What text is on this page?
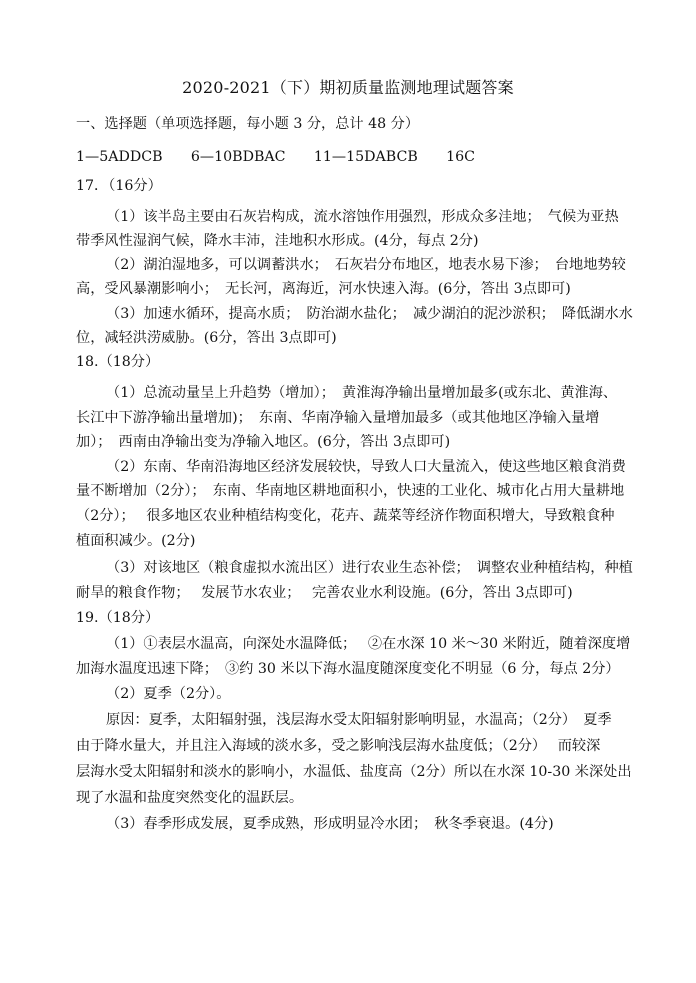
2020-2021（下）期初质量监测地理试题答案
一、选择题（单项选择题，每小题 3 分，总计 48 分）
1—5ADDCB　　6—10BDBAC　　11—15DABCB　　16C
17．（16分）
（1）该半岛主要由石灰岩构成，流水溶蚀作用强烈，形成众多洼地；　气候为亚热
带季风性湿润气候，降水丰沛，洼地积水形成。(4分，每点 2分)
（2）湖泊湿地多，可以调蓄洪水；　石灰岩分布地区，地表水易下渗；　台地地势较
高，受风暴潮影响小；　无长河，离海近，河水快速入海。(6分，答出 3点即可)
（3）加速水循环，提高水质；　防治湖水盐化；　减少湖泊的泥沙淤积；　降低湖水水
位，减轻洪涝威胁。(6分，答出 3点即可)
18.（18分）
（1）总流动量呈上升趋势（增加）；　黄淮海净输出量增加最多(或东北、黄淮海、
长江中下游净输出量增加)；　东南、华南净输入量增加最多（或其他地区净输入量增
加）；　西南由净输出变为净输入地区。(6分，答出 3点即可)
（2）东南、华南沿海地区经济发展较快，导致人口大量流入，使这些地区粮食消费
量不断增加（2分）；　东南、华南地区耕地面积小，快速的工业化、城市化占用大量耕地
（2分）；　 很多地区农业种植结构变化，花卉、蔬菜等经济作物面积增大，导致粮食种
植面积减少。(2分)
（3）对该地区（粮食虚拟水流出区）进行农业生态补偿；　调整农业种植结构，种植
耐旱的粮食作物；　 发展节水农业；　 完善农业水利设施。(6分，答出 3点即可)
19.（18分）
（1）①表层水温高，向深处水温降低；　 ②在水深 10 米～30 米附近，随着深度增
加海水温度迅速下降；　③约 30 米以下海水温度随深度变化不明显（6 分，每点 2分）
（2）夏季（2分）。
原因：夏季，太阳辐射强，浅层海水受太阳辐射影响明显，水温高；（2分）　夏季
由于降水量大，并且注入海域的淡水多，受之影响浅层海水盐度低；（2分）　 而较深
层海水受太阳辐射和淡水的影响小，水温低、盐度高（2分）所以在水深 10-30 米深处出
现了水温和盐度突然变化的温跃层。
（3）春季形成发展，夏季成熟，形成明显冷水团；　秋冬季衰退。(4分)
